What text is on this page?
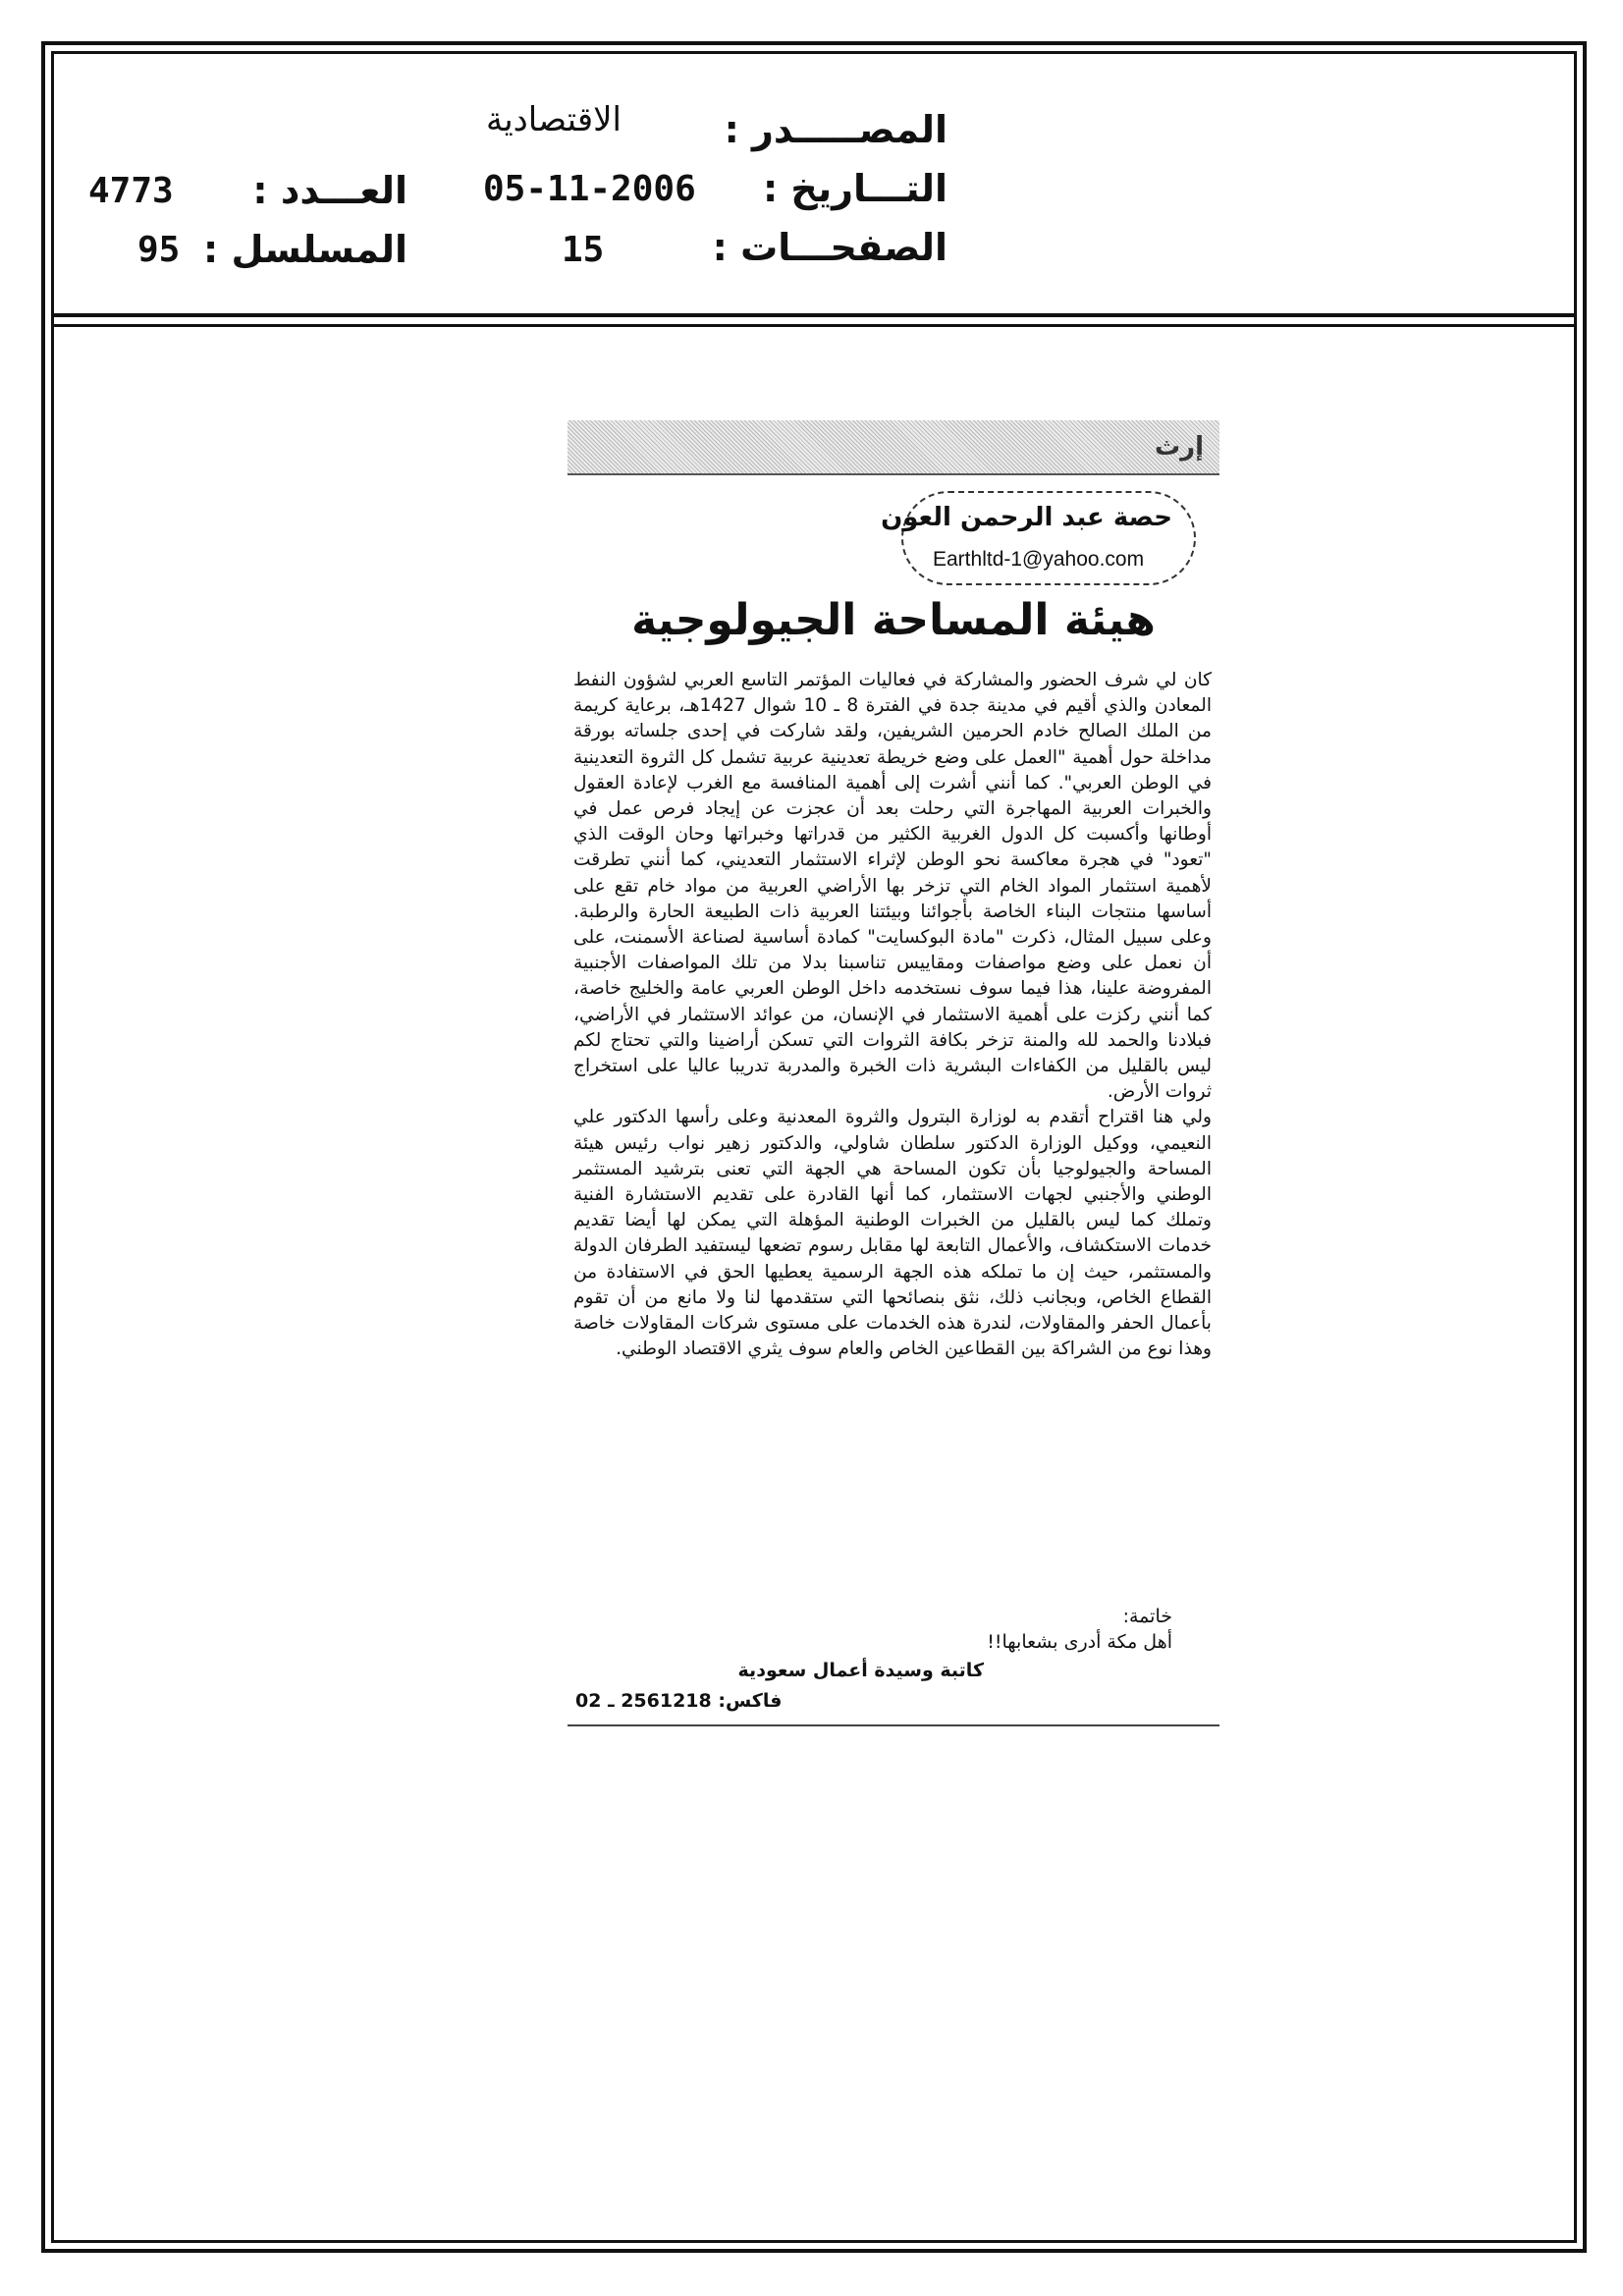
المصـــــدر :
الاقتصادية
التـــاريخ :
05-11-2006
الصفحـــات :
15
العـــدد :
4773
المسلسل :
95
إرث
حصة عبد الرحمن العون
Earthltd-1@yahoo.com
هيئة المساحة الجيولوجية

كان لي شرف الحضور والمشاركة في فعاليات المؤتمر التاسع العربي لشؤون النفط المعادن والذي أقيم في مدينة جدة في الفترة 8 ـ 10 شوال 1427هـ، برعاية كريمة من الملك الصالح خادم الحرمين الشريفين، ولقد شاركت في إحدى جلساته بورقة مداخلة حول أهمية "العمل على وضع خريطة تعدينية عربية تشمل كل الثروة التعدينية في الوطن العربي". كما أنني أشرت إلى أهمية المنافسة مع الغرب لإعادة العقول والخبرات العربية المهاجرة التي رحلت بعد أن عجزت عن إيجاد فرص عمل في أوطانها وأكسبت كل الدول الغربية الكثير من قدراتها وخبراتها وحان الوقت الذي "تعود" في هجرة معاكسة نحو الوطن لإثراء الاستثمار التعديني، كما أنني تطرقت لأهمية استثمار المواد الخام التي تزخر بها الأراضي العربية من مواد خام تقع على أساسها منتجات البناء الخاصة بأجوائنا وبيئتنا العربية ذات الطبيعة الحارة والرطبة. وعلى سبيل المثال، ذكرت "مادة البوكسايت" كمادة أساسية لصناعة الأسمنت، على أن نعمل على وضع مواصفات ومقاييس تناسبنا بدلا من تلك المواصفات الأجنبية المفروضة علينا، هذا فيما سوف نستخدمه داخل الوطن العربي عامة والخليج خاصة، كما أنني ركزت على أهمية الاستثمار في الإنسان، من عوائد الاستثمار في الأراضي، فبلادنا والحمد لله والمنة تزخر بكافة الثروات التي تسكن أراضينا والتي تحتاج لكم ليس بالقليل من الكفاءات البشرية ذات الخبرة والمدربة تدريبا عاليا على استخراج ثروات الأرض.

ولي هنا اقتراح أتقدم به لوزارة البترول والثروة المعدنية وعلى رأسها الدكتور علي النعيمي، ووكيل الوزارة الدكتور سلطان شاولي، والدكتور زهير نواب رئيس هيئة المساحة والجيولوجيا بأن تكون المساحة هي الجهة التي تعنى بترشيد المستثمر الوطني والأجنبي لجهات الاستثمار، كما أنها القادرة على تقديم الاستشارة الفنية وتملك كما ليس بالقليل من الخبرات الوطنية المؤهلة التي يمكن لها أيضا تقديم خدمات الاستكشاف، والأعمال التابعة لها مقابل رسوم تضعها ليستفيد الطرفان الدولة والمستثمر، حيث إن ما تملكه هذه الجهة الرسمية يعطيها الحق في الاستفادة من القطاع الخاص، وبجانب ذلك، نثق بنصائحها التي ستقدمها لنا ولا مانع من أن تقوم بأعمال الحفر والمقاولات، لندرة هذه الخدمات على مستوى شركات المقاولات خاصة وهذا نوع من الشراكة بين القطاعين الخاص والعام سوف يثري الاقتصاد الوطني.

خاتمة:
أهل مكة أدرى بشعابها!!
كاتبة وسيدة أعمال سعودية
فاكس: 2561218 ـ 02
